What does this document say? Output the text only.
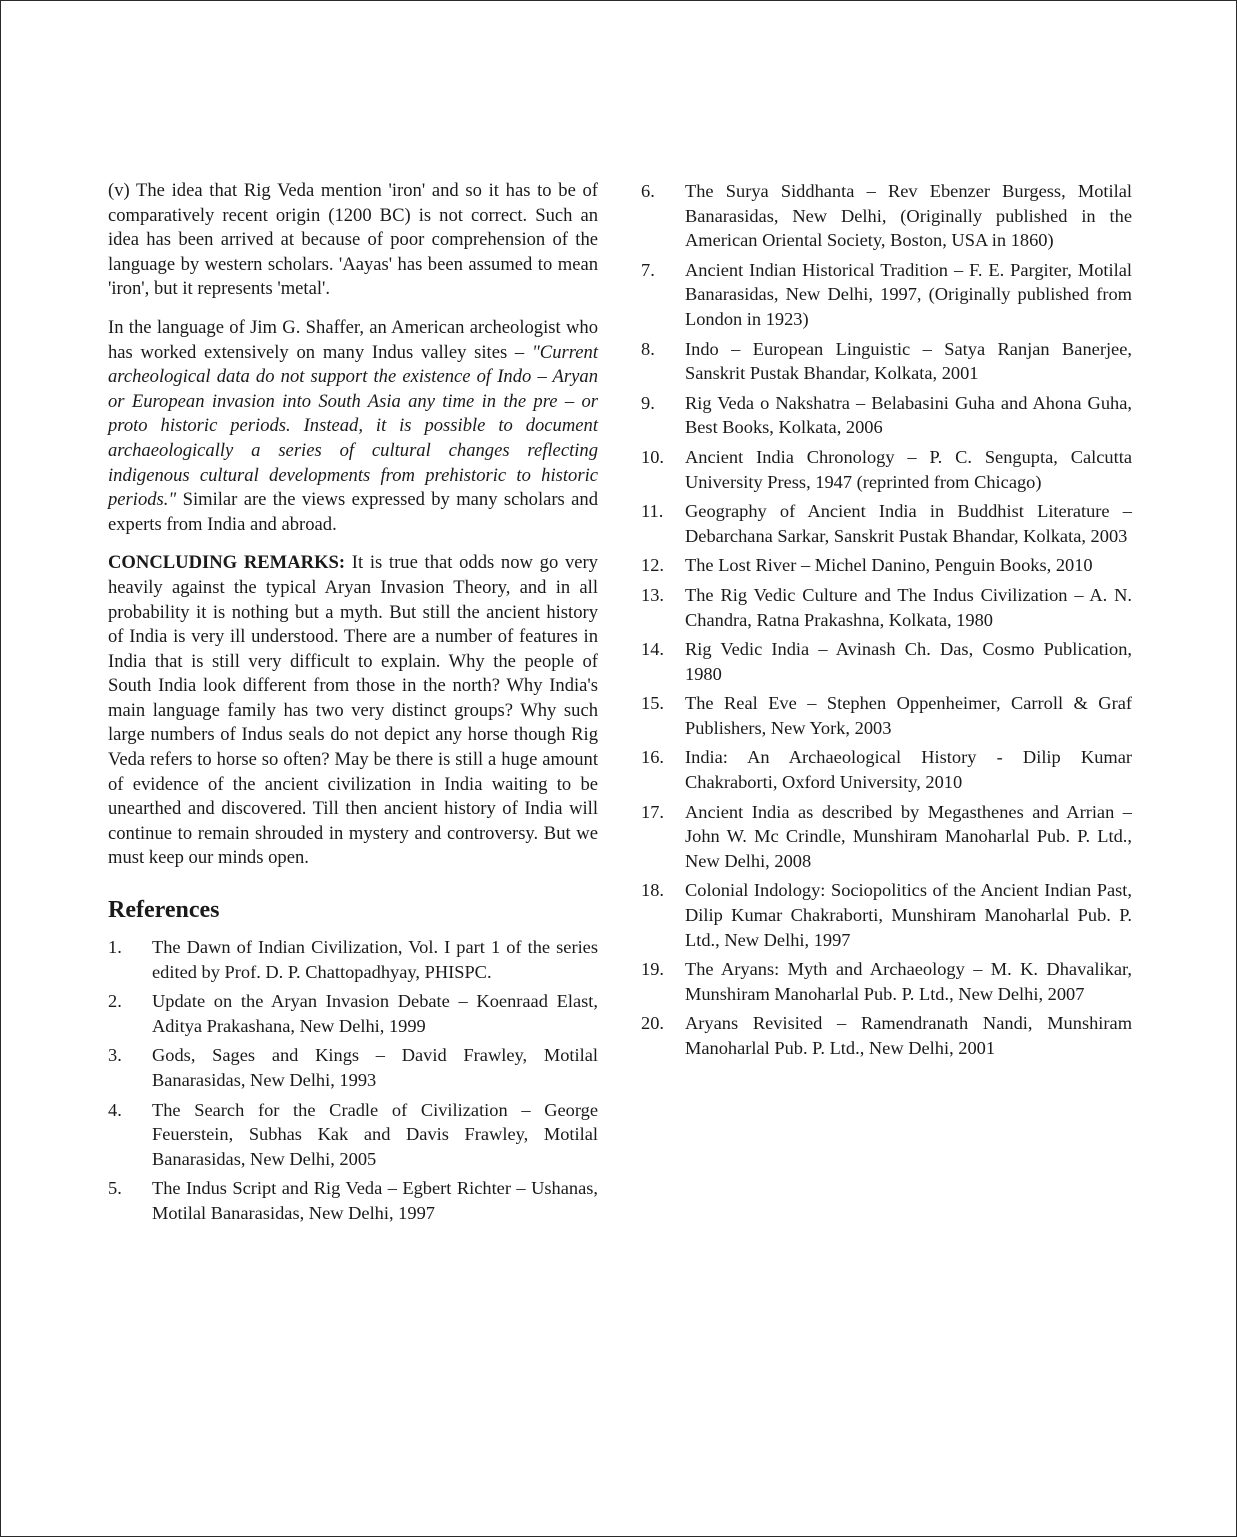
(v) The idea that Rig Veda mention 'iron' and so it has to be of comparatively recent origin (1200 BC) is not correct. Such an idea has been arrived at because of poor comprehension of the language by western scholars. 'Aayas' has been assumed to mean 'iron', but it represents 'metal'.

In the language of Jim G. Shaffer, an American archeologist who has worked extensively on many Indus valley sites – "Current archeological data do not support the existence of Indo – Aryan or European invasion into South Asia any time in the pre – or proto historic periods. Instead, it is possible to document archaeologically a series of cultural changes reflecting indigenous cultural developments from prehistoric to historic periods." Similar are the views expressed by many scholars and experts from India and abroad.

CONCLUDING REMARKS: It is true that odds now go very heavily against the typical Aryan Invasion Theory, and in all probability it is nothing but a myth. But still the ancient history of India is very ill understood. There are a number of features in India that is still very difficult to explain. Why the people of South India look different from those in the north? Why India's main language family has two very distinct groups? Why such large numbers of Indus seals do not depict any horse though Rig Veda refers to horse so often? May be there is still a huge amount of evidence of the ancient civilization in India waiting to be unearthed and discovered. Till then ancient history of India will continue to remain shrouded in mystery and controversy. But we must keep our minds open.

References
1.	The Dawn of Indian Civilization, Vol. I part 1 of the series edited by Prof. D. P. Chattopadhyay, PHISPC.
2.	Update on the Aryan Invasion Debate – Koenraad Elast, Aditya Prakashana, New Delhi, 1999
3.	Gods, Sages and Kings – David Frawley, Motilal Banarasidas, New Delhi, 1993
4.	The Search for the Cradle of Civilization – George Feuerstein, Subhas Kak and Davis Frawley, Motilal Banarasidas, New Delhi, 2005
5.	The Indus Script and Rig Veda – Egbert Richter – Ushanas, Motilal Banarasidas, New Delhi, 1997
6.	The Surya Siddhanta – Rev Ebenzer Burgess, Motilal Banarasidas, New Delhi, (Originally published in the American Oriental Society, Boston, USA in 1860)
7.	Ancient Indian Historical Tradition – F. E. Pargiter, Motilal Banarasidas, New Delhi, 1997, (Originally published from London in 1923)
8.	Indo – European Linguistic – Satya Ranjan Banerjee, Sanskrit Pustak Bhandar, Kolkata, 2001
9.	Rig Veda o Nakshatra – Belabasini Guha and Ahona Guha, Best Books, Kolkata, 2006
10.	Ancient India Chronology – P. C. Sengupta, Calcutta University Press, 1947 (reprinted from Chicago)
11.	Geography of Ancient India in Buddhist Literature – Debarchana Sarkar, Sanskrit Pustak Bhandar, Kolkata, 2003
12.	The Lost River – Michel Danino, Penguin Books, 2010
13.	The Rig Vedic Culture and The Indus Civilization – A. N. Chandra, Ratna Prakashna, Kolkata, 1980
14.	Rig Vedic India – Avinash Ch. Das, Cosmo Publication, 1980
15.	The Real Eve – Stephen Oppenheimer, Carroll & Graf Publishers, New York, 2003
16.	India: An Archaeological History - Dilip Kumar Chakraborti, Oxford University, 2010
17.	Ancient India as described by Megasthenes and Arrian – John W. Mc Crindle, Munshiram Manoharlal Pub. P. Ltd., New Delhi, 2008
18.	Colonial Indology: Sociopolitics of the Ancient Indian Past, Dilip Kumar Chakraborti, Munshiram Manoharlal Pub. P. Ltd., New Delhi, 1997
19.	The Aryans: Myth and Archaeology – M. K. Dhavalikar, Munshiram Manoharlal Pub. P. Ltd., New Delhi, 2007
20.	Aryans Revisited – Ramendranath Nandi, Munshiram Manoharlal Pub. P. Ltd., New Delhi, 2001
